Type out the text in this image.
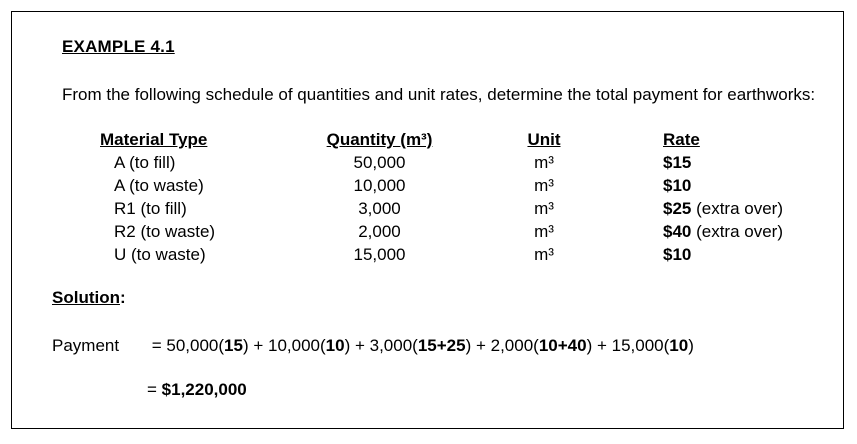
EXAMPLE 4.1
From the following schedule of quantities and unit rates, determine the total payment for earthworks:
Material Type
A (to fill)
A (to waste)
R1 (to fill)
R2 (to waste)
U (to waste)
Quantity (m³)
50,000
10,000
3,000
2,000
15,000
Unit
m³
m³
m³
m³
m³
Rate
$15
$10
$25 (extra over)
$40 (extra over)
$10
Solution:
Payment = 50,000(15) + 10,000(10) + 3,000(15+25) + 2,000(10+40) + 15,000(10)
= $1,220,000
